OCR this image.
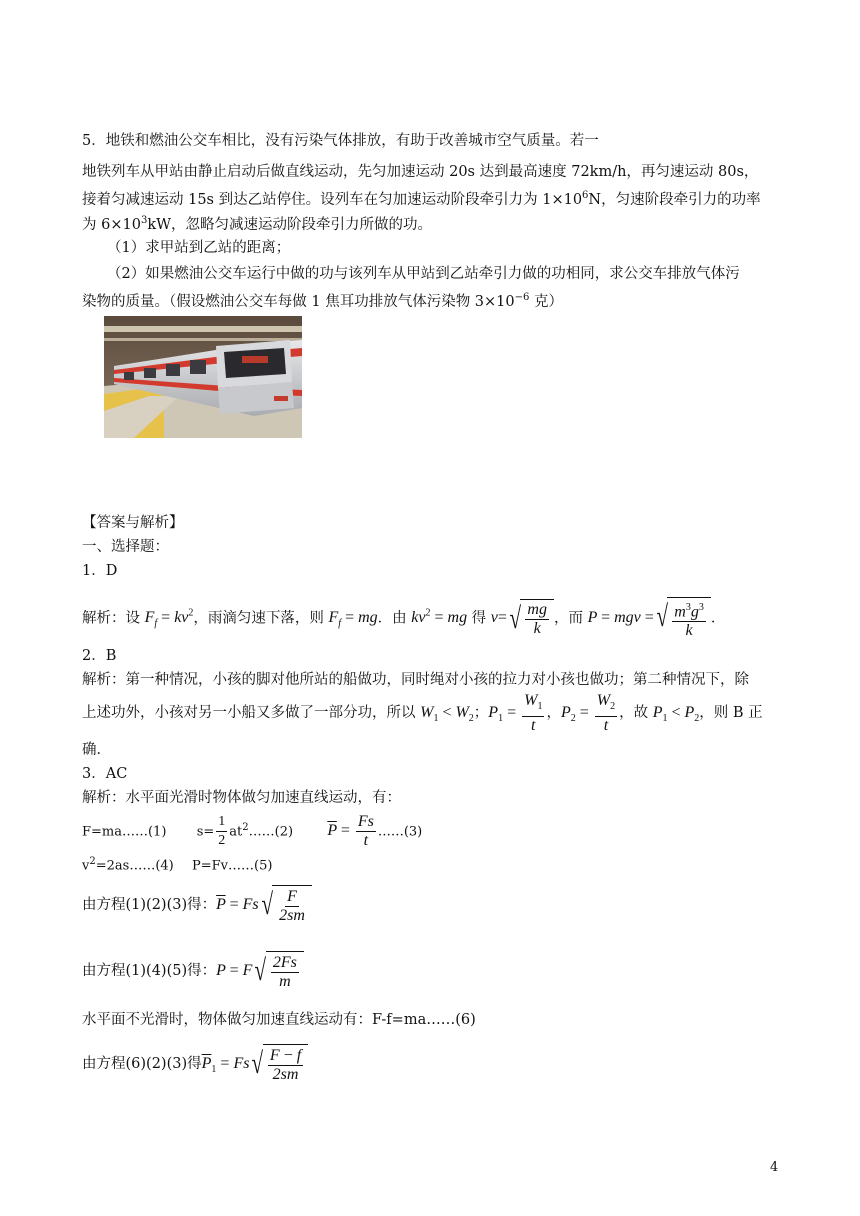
5．地铁和燃油公交车相比，没有污染气体排放，有助于改善城市空气质量。若一
地铁列车从甲站由静止启动后做直线运动，先匀加速运动 20s 达到最高速度 72km/h，再匀速运动 80s，
接着匀减速运动 15s 到达乙站停住。设列车在匀加速运动阶段牵引力为 $1\times 10^6N$，匀速阶段牵引力的功率
为 $6\times 10^3kW$，忽略匀减速运动阶段牵引力所做的功。
（1）求甲站到乙站的距离；
（2）如果燃油公交车运行中做的功与该列车从甲站到乙站牵引力做的功相同，求公交车排放气体污
染物的质量。（假设燃油公交车每做 1 焦耳功排放气体污染物 $3\times 10^{-6}$ 克）
【答案与解析】
一、选择题：
1．D
解析：设 $F_f = kv^2$，雨滴匀速下落，则 $F_f$ = mg．由 $kv^2$ = mg 得 v= √ $\frac{mg}{k}$ ，而 P = mgv = √ $\frac{m^3g^3}{k}$ ．
2．B
解析：第一种情况，小孩的脚对他所站的船做功，同时绳对小孩的拉力对小孩也做功；第二种情况下，除
上述功外，小孩对另一小船又多做了一部分功，所以 $W_1 < W_2$；$P_1 = \frac{W_1}{t}$ ，$P_2 = \frac{W_2}{t}$ ，故 $P_1 < P_2$，则 B 正
确．
3．AC
解析：水平面光滑时物体做匀加速直线运动，有：
F=ma……(1) $s= \frac{1}{2}$ $at^2\dots\dots(2) \overline{P} = \frac{Fs}{t}$ ……(3)
$v^2=2as\dots\dots(4)$ P=Fv……(5)
由方程(1)(2)(3)得：$\overline{P} = Fs$ √ $\frac{F}{2sm}$
由方程(1)(4)(5)得：P = F √ $\frac{2Fs}{m}$
水平面不光滑时，物体做匀加速直线运动有：F-f=ma……(6)
由方程(6)(2)(3)得$\overline{P}_1 = Fs$ √ $\frac{F - f}{2sm}$
4
